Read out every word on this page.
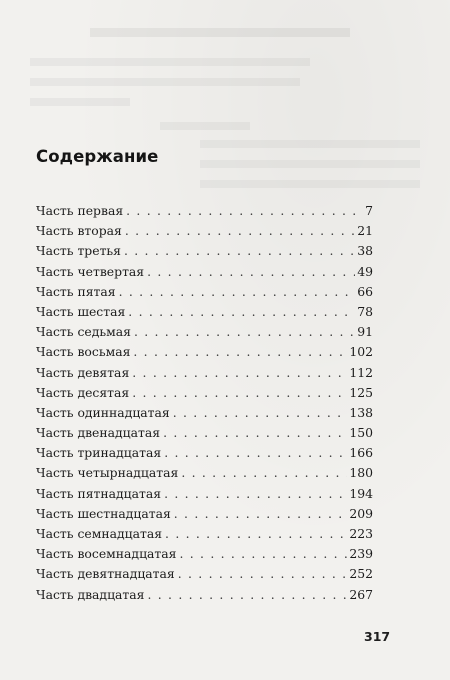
Содержание
Часть первая . . .	7
Часть вторая . . .	21
Часть третья . . .	38
Часть четвертая . . .	49
Часть пятая . . .	66
Часть шестая . . .	78
Часть седьмая . . .	91
Часть восьмая . . .	102
Часть девятая . . .	112
Часть десятая . . .	125
Часть одиннадцатая . . .	138
Часть двенадцатая . . .	150
Часть тринадцатая . . .	166
Часть четырнадцатая . . .	180
Часть пятнадцатая . . .	194
Часть шестнадцатая . . .	209
Часть семнадцатая . . .	223
Часть восемнадцатая . . .	239
Часть девятнадцатая . . .	252
Часть двадцатая . . .	267
317
